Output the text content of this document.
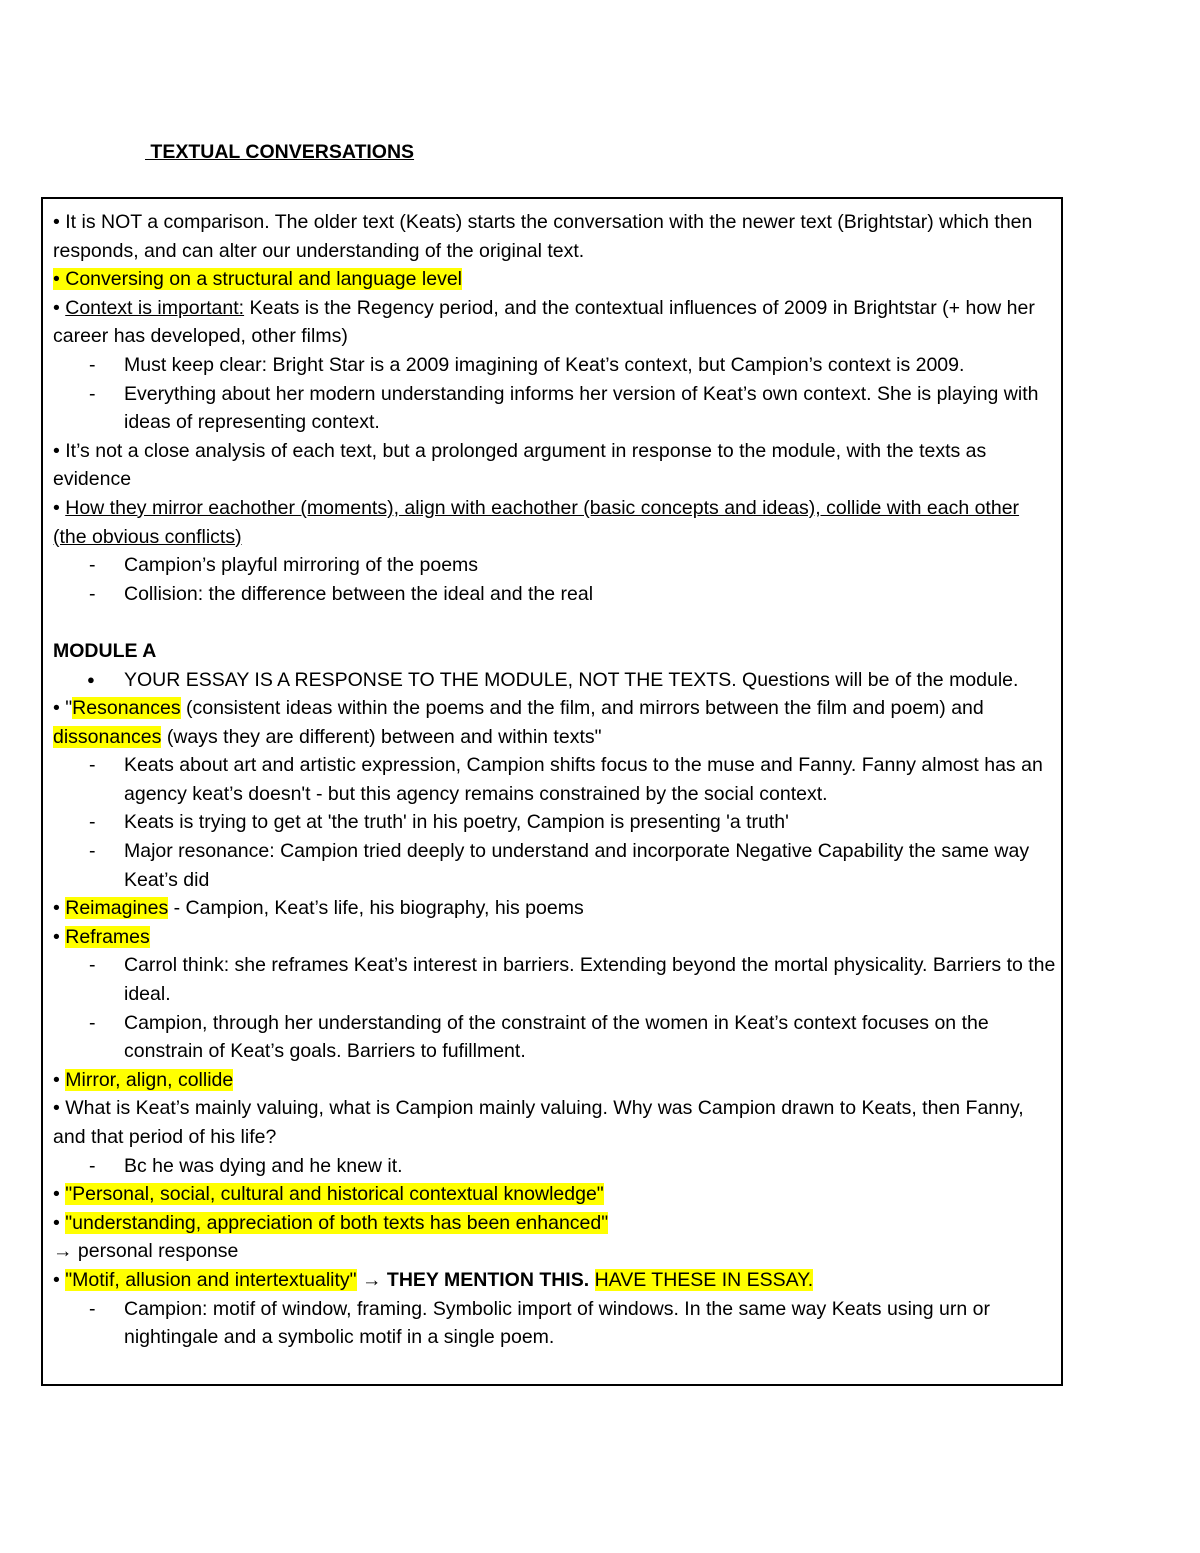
TEXTUAL CONVERSATIONS

• It is NOT a comparison. The older text (Keats) starts the conversation with the newer text (Brightstar) which then responds, and can alter our understanding of the original text.

• Conversing on a structural and language level

• Context is important: Keats is the Regency period, and the contextual influences of 2009 in Brightstar (+ how her career has developed, other films)

- Must keep clear: Bright Star is a 2009 imagining of Keat’s context, but Campion’s context is 2009.

- Everything about her modern understanding informs her version of Keat’s own context. She is playing with ideas of representing context.

• It’s not a close analysis of each text, but a prolonged argument in response to the module, with the texts as evidence

• How they mirror eachother (moments), align with eachother (basic concepts and ideas), collide with each other (the obvious conflicts)

- Campion’s playful mirroring of the poems

- Collision: the difference between the ideal and the real

MODULE A

● YOUR ESSAY IS A RESPONSE TO THE MODULE, NOT THE TEXTS. Questions will be of the module.

• "Resonances (consistent ideas within the poems and the film, and mirrors between the film and poem) and dissonances (ways they are different) between and within texts"

- Keats about art and artistic expression, Campion shifts focus to the muse and Fanny. Fanny almost has an agency keat’s doesn't - but this agency remains constrained by the social context.

- Keats is trying to get at 'the truth' in his poetry, Campion is presenting 'a truth'

- Major resonance: Campion tried deeply to understand and incorporate Negative Capability the same way Keat’s did

• Reimagines - Campion, Keat’s life, his biography, his poems

• Reframes

- Carrol think: she reframes Keat’s interest in barriers. Extending beyond the mortal physicality. Barriers to the ideal.

- Campion, through her understanding of the constraint of the women in Keat’s context focuses on the constrain of Keat’s goals. Barriers to fufillment.

• Mirror, align, collide

• What is Keat’s mainly valuing, what is Campion mainly valuing. Why was Campion drawn to Keats, then Fanny, and that period of his life?

- Bc he was dying and he knew it.

• "Personal, social, cultural and historical contextual knowledge"

• "understanding, appreciation of both texts has been enhanced"

→ personal response

• "Motif, allusion and intertextuality" → THEY MENTION THIS. HAVE THESE IN ESSAY.

- Campion: motif of window, framing. Symbolic import of windows. In the same way Keats using urn or nightingale and a symbolic motif in a single poem.
